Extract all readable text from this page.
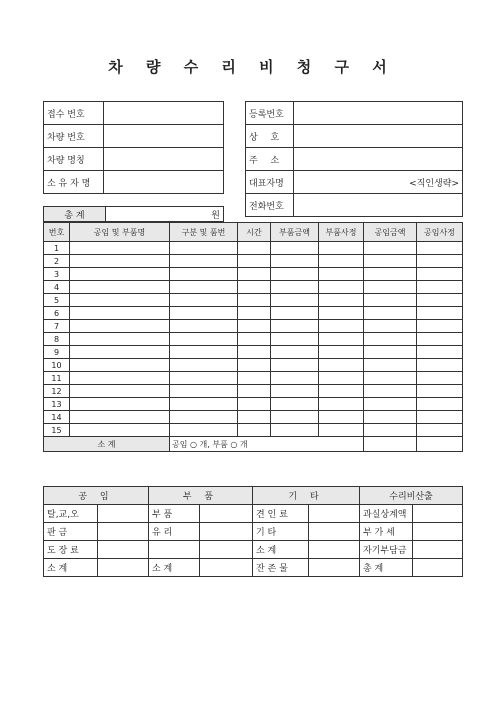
차 량 수 리 비 청 구 서
접수 번호	
차량 번호	
차량 명칭	
소 유 자 명	
등록번호	
상 호	
주 소	
대표자명	<직인생략>
전화번호	
총 계	원
번호	공임 및 부품명	구분 및 품번	시간	부품금액	부품사정	공임금액	공임사정
1							
2							
3							
4							
5							
6							
7							
8							
9							
10							
11							
12							
13							
14							
15							
소 계		공임 ○ 개, 부품 ○ 개					
공 임		부 품		기 타		수리비산출	
탈,교,오		부 품		견 인 료		과실상계액	
판 금		유 리		기 타		부 가 세	
도 장 료				소 계		자기부담금	
소 계		소 계		잔 존 물		총 계	
